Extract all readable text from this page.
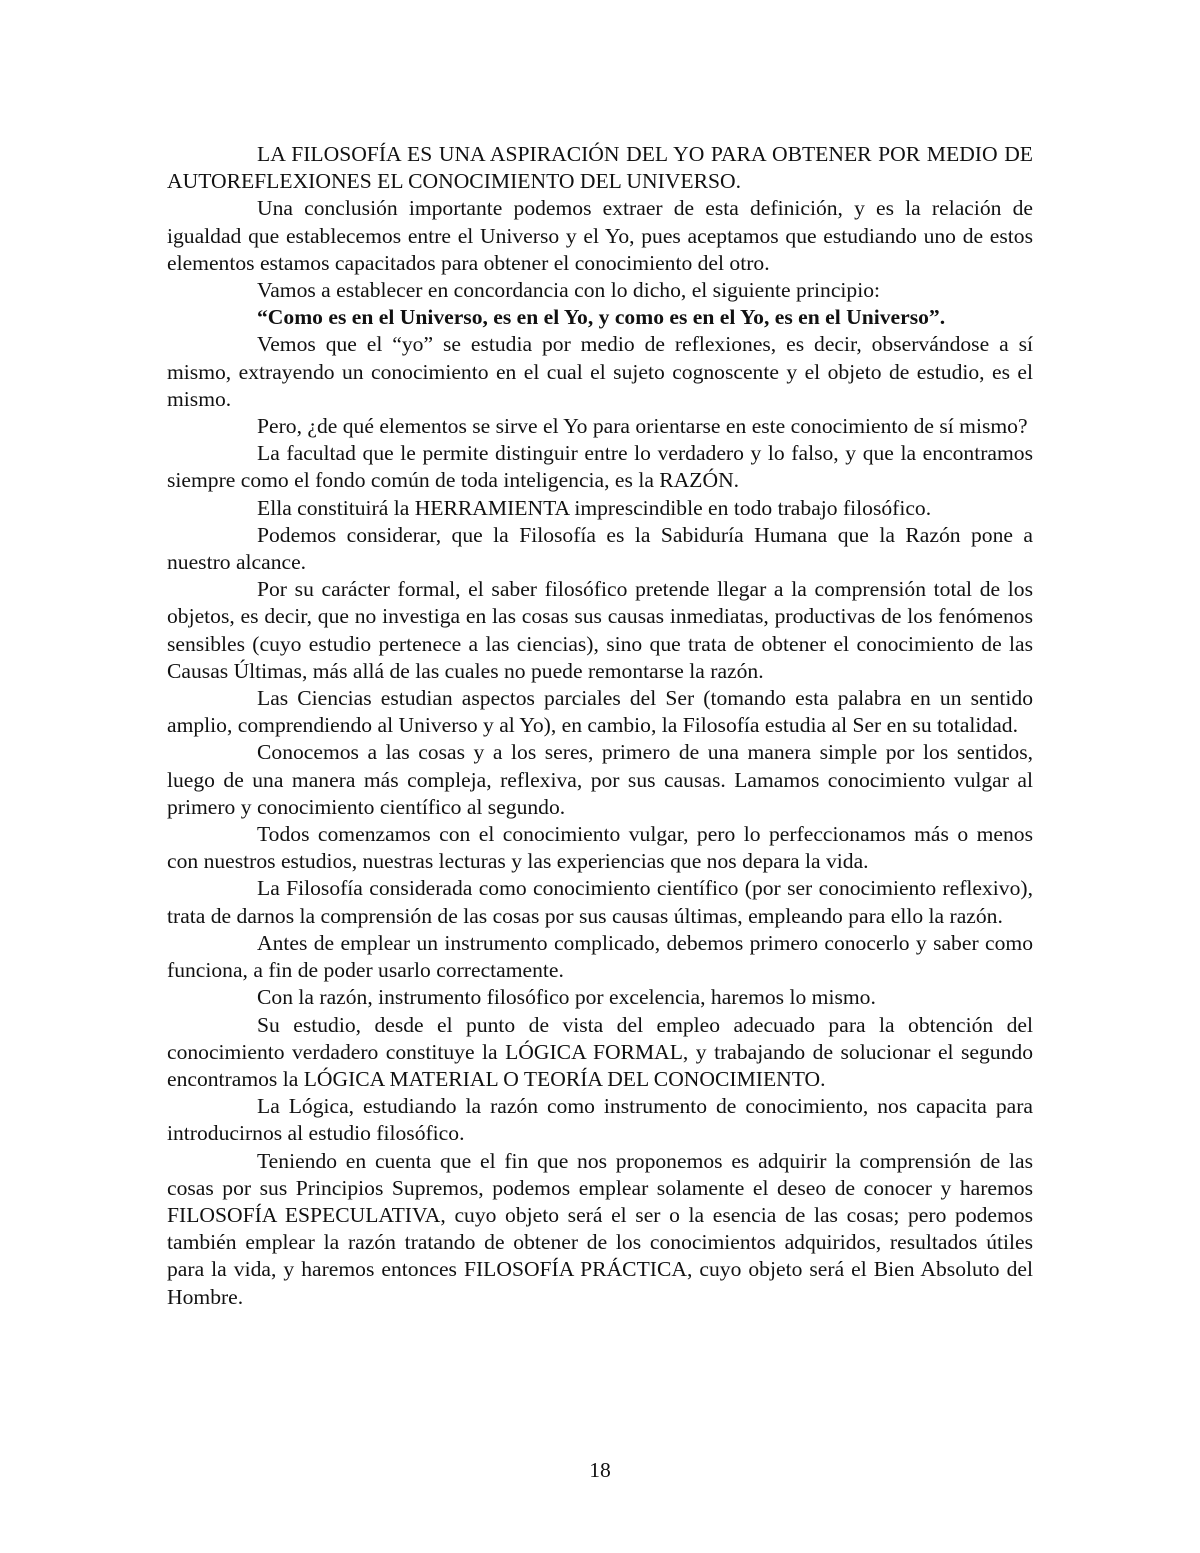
LA FILOSOFÍA ES UNA ASPIRACIÓN DEL YO PARA OBTENER POR MEDIO DE AUTOREFLEXIONES EL CONOCIMIENTO DEL UNIVERSO.

Una conclusión importante podemos extraer de esta definición, y es la relación de igualdad que establecemos entre el Universo y el Yo, pues aceptamos que estudiando uno de estos elementos estamos capacitados para obtener el conocimiento del otro.

Vamos a establecer en concordancia con lo dicho, el siguiente principio:

“Como es en el Universo, es en el Yo, y como es en el Yo, es en el Universo”.

Vemos que el “yo” se estudia por medio de reflexiones, es decir, observándose a sí mismo, extrayendo un conocimiento en el cual el sujeto cognoscente y el objeto de estudio, es el mismo.

Pero, ¿de qué elementos se sirve el Yo para orientarse en este conocimiento de sí mismo?

La facultad que le permite distinguir entre lo verdadero y lo falso, y que la encontramos siempre como el fondo común de toda inteligencia, es la RAZÓN.

Ella constituirá la HERRAMIENTA imprescindible en todo trabajo filosófico.

Podemos considerar, que la Filosofía es la Sabiduría Humana que la Razón pone a nuestro alcance.

Por su carácter formal, el saber filosófico pretende llegar a la comprensión total de los objetos, es decir, que no investiga en las cosas sus causas inmediatas, productivas de los fenómenos sensibles (cuyo estudio pertenece a las ciencias), sino que trata de obtener el conocimiento de las Causas Últimas, más allá de las cuales no puede remontarse la razón.

Las Ciencias estudian aspectos parciales del Ser (tomando esta palabra en un sentido amplio, comprendiendo al Universo y al Yo), en cambio, la Filosofía estudia al Ser en su totalidad.

Conocemos a las cosas y a los seres, primero de una manera simple por los sentidos, luego de una manera más compleja, reflexiva, por sus causas. Lamamos conocimiento vulgar al primero y conocimiento científico al segundo.

Todos comenzamos con el conocimiento vulgar, pero lo perfeccionamos más o menos con nuestros estudios, nuestras lecturas y las experiencias que nos depara la vida.

La Filosofía considerada como conocimiento científico (por ser conocimiento reflexivo), trata de darnos la comprensión de las cosas por sus causas últimas, empleando para ello la razón.

Antes de emplear un instrumento complicado, debemos primero conocerlo y saber como funciona, a fin de poder usarlo correctamente.

Con la razón, instrumento filosófico por excelencia, haremos lo mismo.

Su estudio, desde el punto de vista del empleo adecuado para la obtención del conocimiento verdadero constituye la LÓGICA FORMAL, y trabajando de solucionar el segundo encontramos la LÓGICA MATERIAL O TEORÍA DEL CONOCIMIENTO.

La Lógica, estudiando la razón como instrumento de conocimiento, nos capacita para introducirnos al estudio filosófico.

Teniendo en cuenta que el fin que nos proponemos es adquirir la comprensión de las cosas por sus Principios Supremos, podemos emplear solamente el deseo de conocer y haremos FILOSOFÍA ESPECULATIVA, cuyo objeto será el ser o la esencia de las cosas; pero podemos también emplear la razón tratando de obtener de los conocimientos adquiridos, resultados útiles para la vida, y haremos entonces FILOSOFÍA PRÁCTICA, cuyo objeto será el Bien Absoluto del Hombre.

18
